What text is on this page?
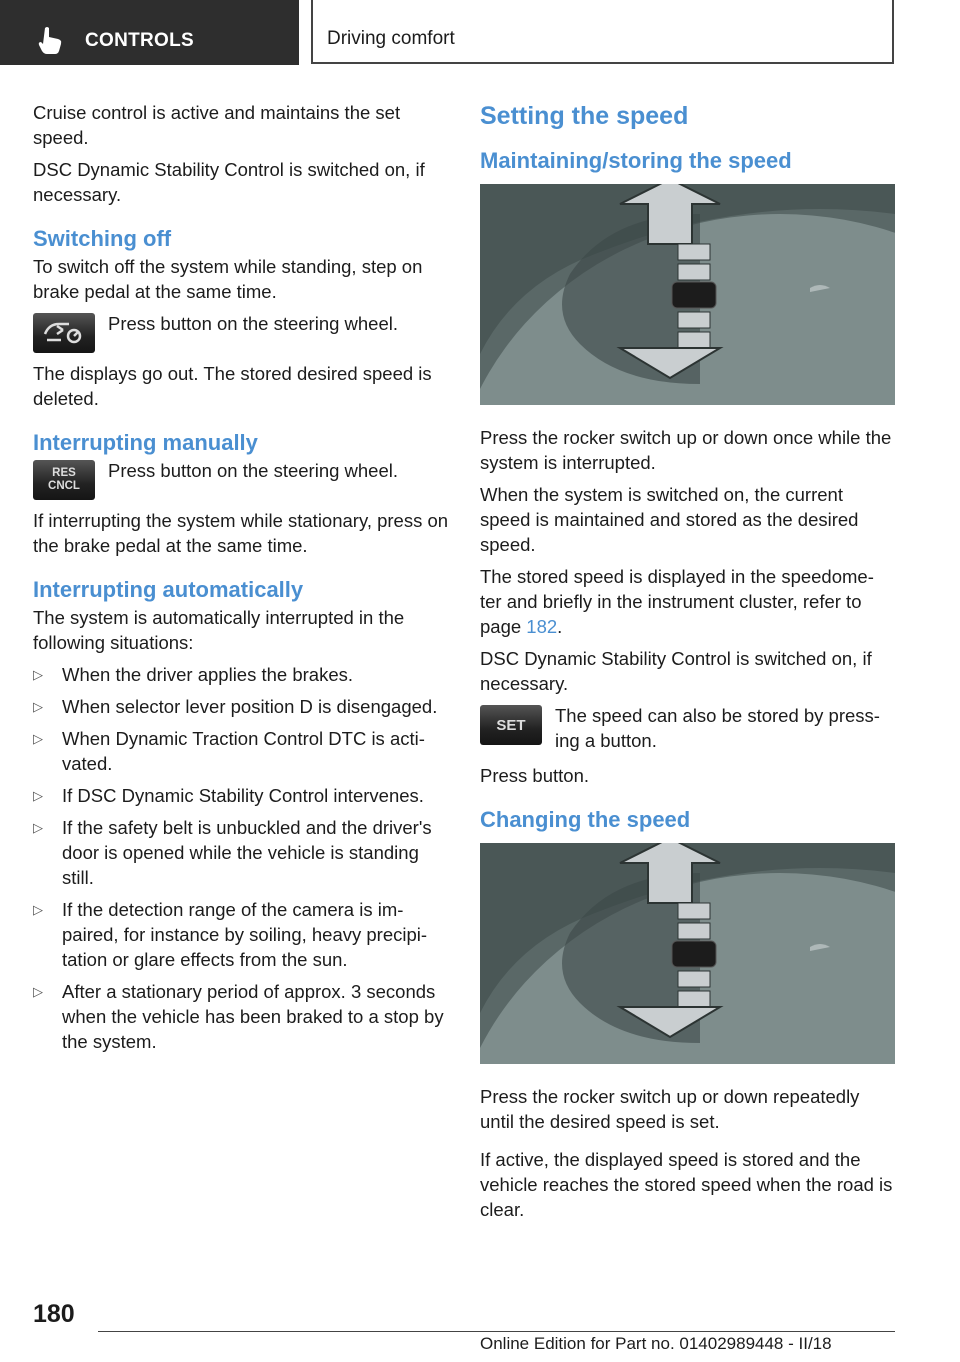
CONTROLS	Driving comfort

Cruise control is active and maintains the set speed.

DSC Dynamic Stability Control is switched on, if necessary.

Switching off

To switch off the system while standing, step on brake pedal at the same time.

Press button on the steering wheel.

The displays go out. The stored desired speed is deleted.

Interrupting manually
RES
CNCL

Press button on the steering wheel.

If interrupting the system while stationary, press on the brake pedal at the same time.

Interrupting automatically

The system is automatically interrupted in the following situations:

▷ When the driver applies the brakes.
▷ When selector lever position D is disengaged.
▷ When Dynamic Traction Control DTC is acti‐vated.
▷ If DSC Dynamic Stability Control intervenes.
▷ If the safety belt is unbuckled and the driver's door is opened while the vehicle is standing still.
▷ If the detection range of the camera is im‐paired, for instance by soiling, heavy precipi‐tation or glare effects from the sun.
▷ After a stationary period of approx. 3 seconds when the vehicle has been braked to a stop by the system.
Setting the speed
Maintaining/storing the speed

Press the rocker switch up or down once while the system is interrupted.

When the system is switched on, the current speed is maintained and stored as the desired speed.

The stored speed is displayed in the speedome‐ter and briefly in the instrument cluster, refer to page 182.

DSC Dynamic Stability Control is switched on, if necessary.

SET The speed can also be stored by press‐ing a button.

Press button.

Changing the speed

Press the rocker switch up or down repeatedly until the desired speed is set.

If active, the displayed speed is stored and the vehicle reaches the stored speed when the road is clear.

180
Online Edition for Part no. 01402989448 - II/18
